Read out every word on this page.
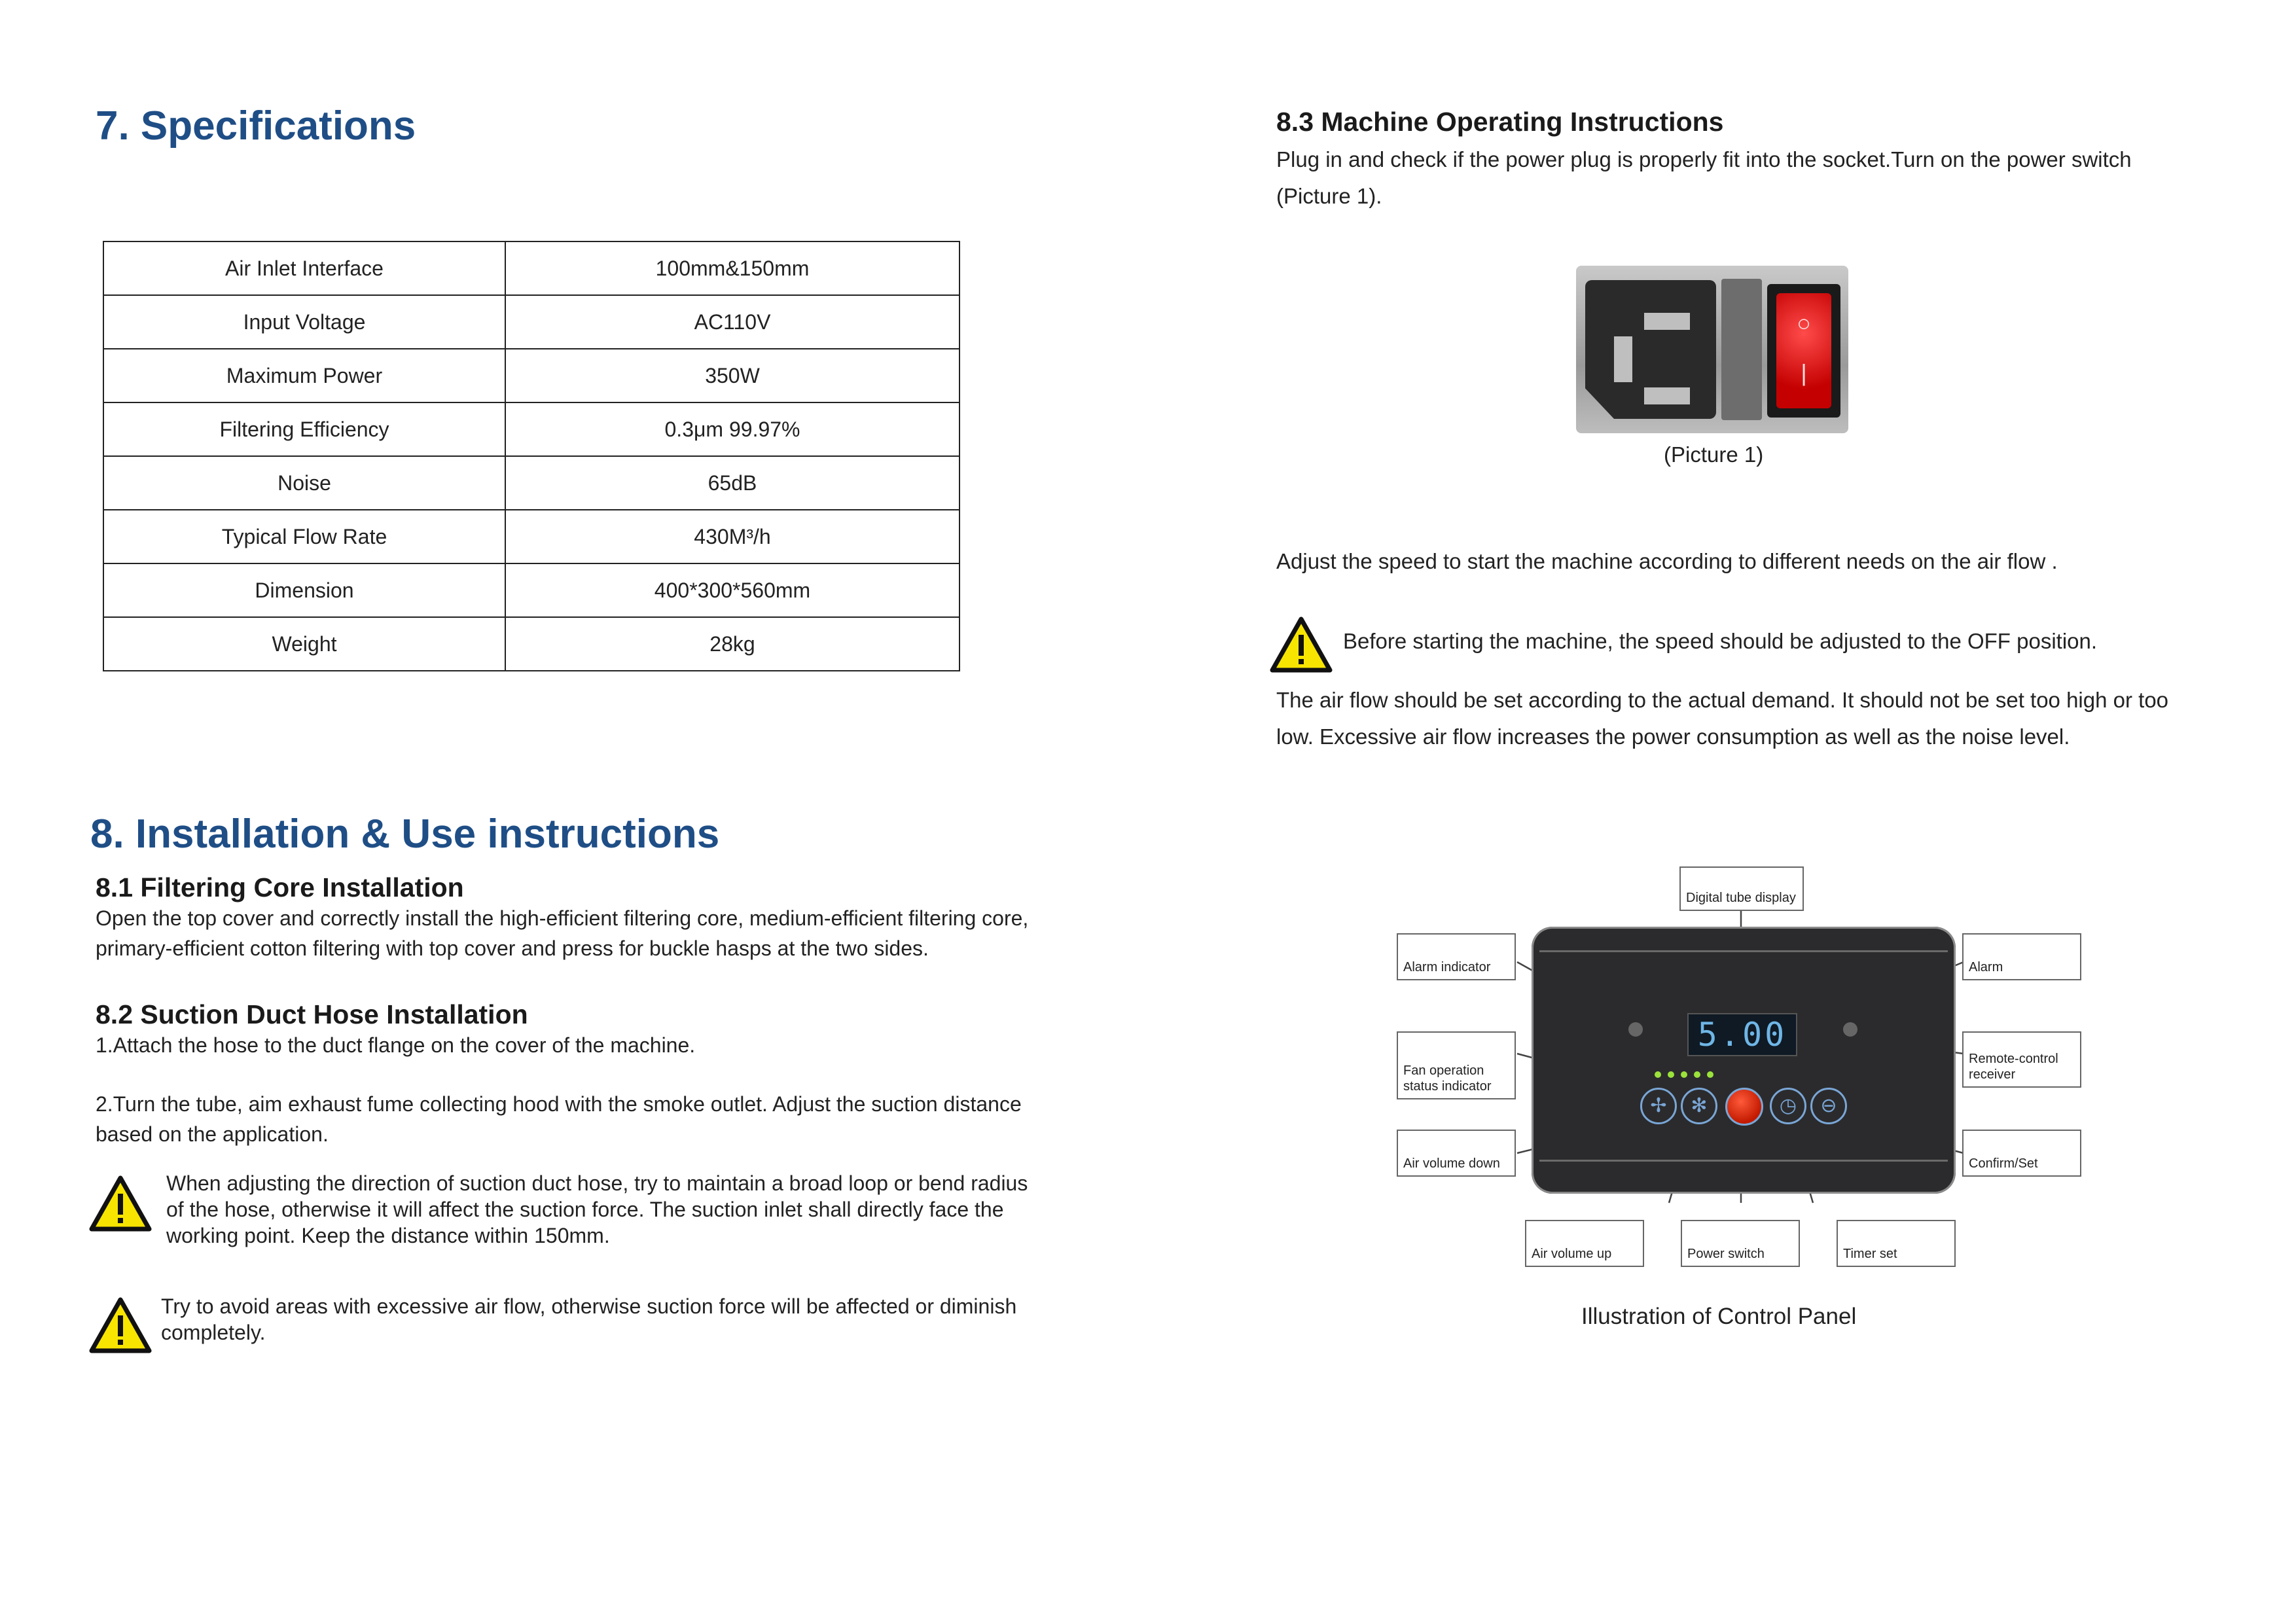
7. Specifications
Air Inlet Interface	100mm&150mm
Input Voltage	AC110V
Maximum Power	350W
Filtering Efficiency	0.3μm 99.97%
Noise	65dB
Typical Flow Rate	430M³/h
Dimension	400*300*560mm
Weight	28kg
8. Installation & Use instructions
8.1 Filtering Core Installation
Open the top cover and correctly install the high-efficient filtering core, medium-efficient filtering core, primary-efficient cotton filtering with top cover and press for buckle hasps at the two sides.
8.2 Suction Duct Hose Installation
1.Attach the hose to the duct flange on the cover of the machine.
2.Turn the tube, aim exhaust fume collecting hood with the smoke outlet. Adjust the suction distance based on the application.
When adjusting the direction of suction duct hose, try to maintain a broad loop or bend radius of the hose, otherwise it will affect the suction force. The suction inlet shall directly face the working point. Keep the distance within 150mm.
Try to avoid areas with excessive air flow, otherwise suction force will be affected or diminish completely.
8.3 Machine Operating Instructions
Plug in and check if the power plug is properly fit into the socket.Turn on the power switch (Picture 1).
○
|
(Picture 1)
Adjust the speed to start the machine according to different needs on the air flow .
Before starting the machine, the speed should be adjusted to the OFF position.
The air flow should be set according to the actual demand. It should not be set too high or too low. Excessive air flow increases the power consumption as well as the noise level.
5.00
✢	✻	◷	⊖
Digital tube display
Alarm indicator	Alarm
Fan operation status indicator
Remote-control receiver
Air volume down	Confirm/Set
Air volume up	Power switch	Timer set
Illustration of Control Panel
